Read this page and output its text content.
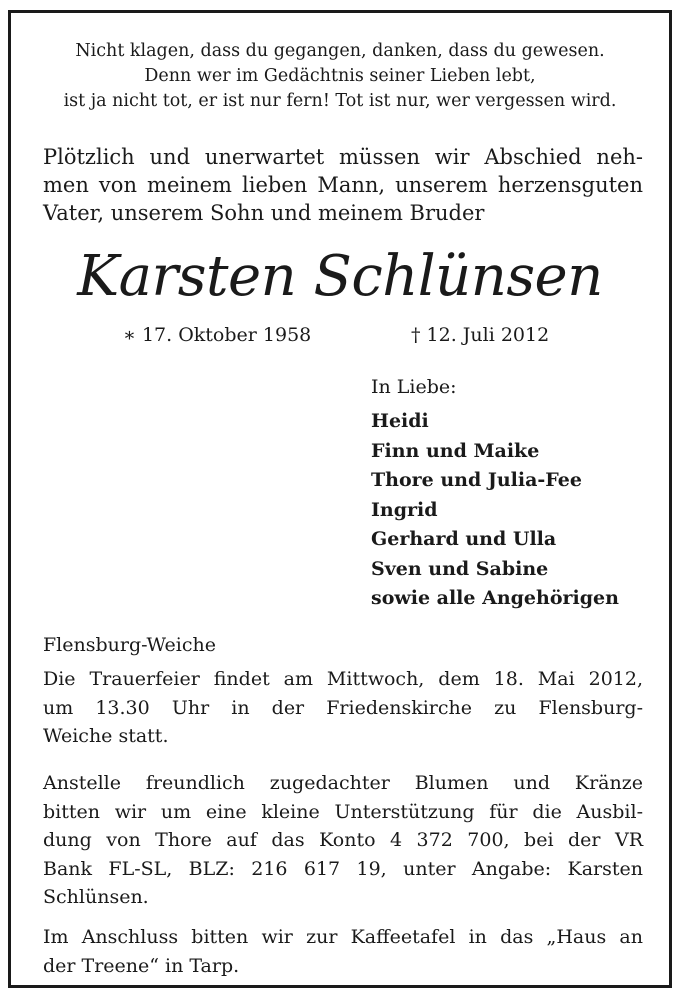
Nicht klagen, dass du gegangen, danken, dass du gewesen.
Denn wer im Gedächtnis seiner Lieben lebt,
ist ja nicht tot, er ist nur fern! Tot ist nur, wer vergessen wird.
Plötzlich und unerwartet müssen wir Abschied neh-
men von meinem lieben Mann, unserem herzensguten
Vater, unserem Sohn und meinem Bruder
Karsten Schlünsen
∗ 17. Oktober 1958	† 12. Juli 2012
In Liebe:
Heidi
Finn und Maike
Thore und Julia-Fee
Ingrid
Gerhard und Ulla
Sven und Sabine
sowie alle Angehörigen
Flensburg-Weiche
Die Trauerfeier findet am Mittwoch, dem 18. Mai 2012,
um 13.30 Uhr in der Friedenskirche zu Flensburg-
Weiche statt.
Anstelle freundlich zugedachter Blumen und Kränze
bitten wir um eine kleine Unterstützung für die Ausbil-
dung von Thore auf das Konto 4 372 700, bei der VR
Bank FL-SL, BLZ: 216 617 19, unter Angabe: Karsten
Schlünsen.
Im Anschluss bitten wir zur Kaffeetafel in das „Haus an
der Treene“ in Tarp.
